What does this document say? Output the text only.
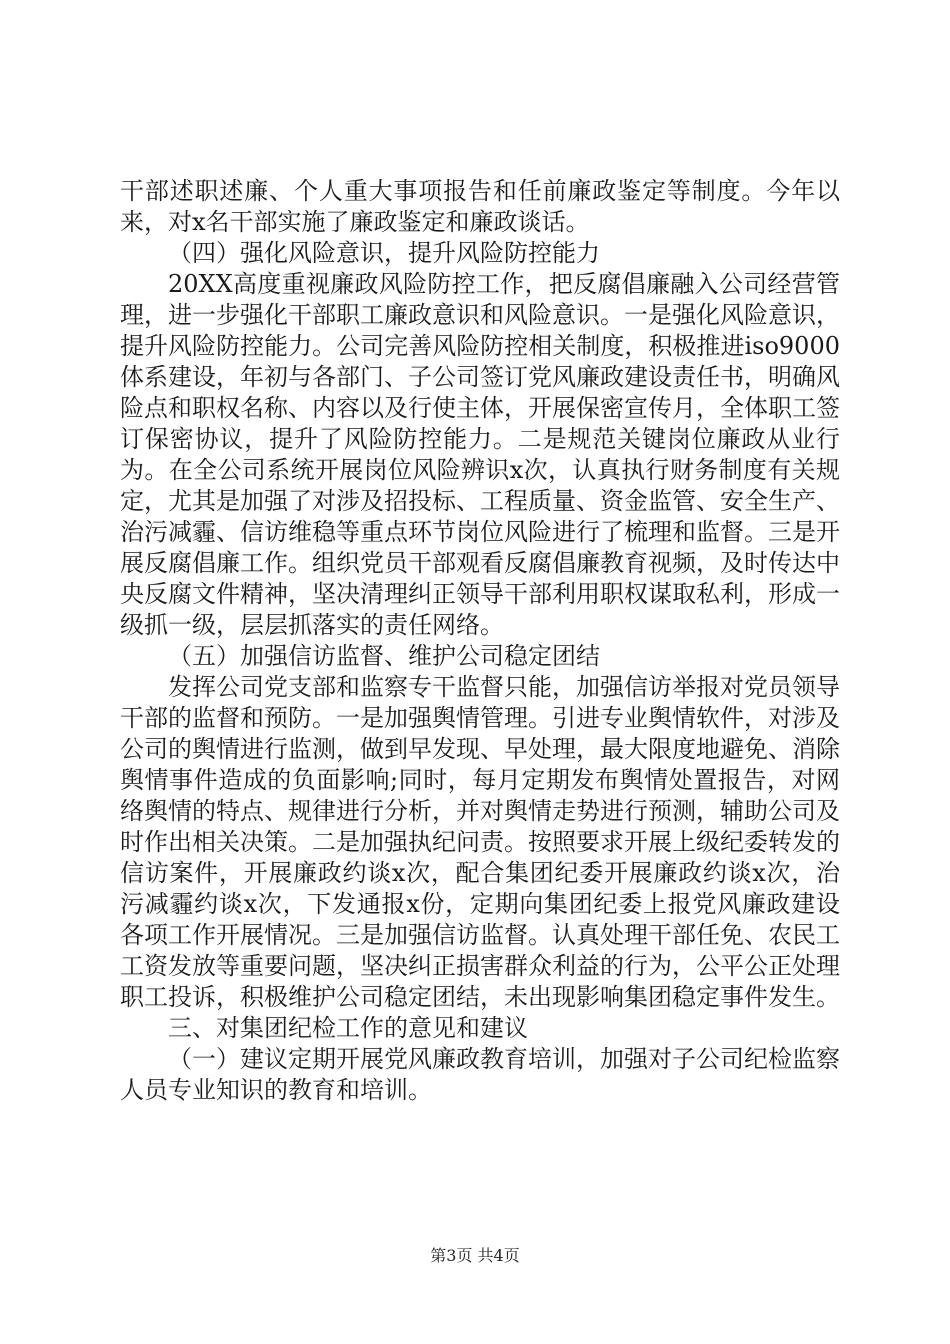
干部述职述廉、个人重大事项报告和任前廉政鉴定等制度。今年以来，对x名干部实施了廉政鉴定和廉政谈话。

（四）强化风险意识，提升风险防控能力

20XX高度重视廉政风险防控工作，把反腐倡廉融入公司经营管理，进一步强化干部职工廉政意识和风险意识。一是强化风险意识，提升风险防控能力。公司完善风险防控相关制度，积极推进iso9000体系建设，年初与各部门、子公司签订党风廉政建设责任书，明确风险点和职权名称、内容以及行使主体，开展保密宣传月，全体职工签订保密协议，提升了风险防控能力。二是规范关键岗位廉政从业行为。在全公司系统开展岗位风险辨识x次，认真执行财务制度有关规定，尤其是加强了对涉及招投标、工程质量、资金监管、安全生产、治污减霾、信访维稳等重点环节岗位风险进行了梳理和监督。三是开展反腐倡廉工作。组织党员干部观看反腐倡廉教育视频，及时传达中央反腐文件精神，坚决清理纠正领导干部利用职权谋取私利，形成一级抓一级，层层抓落实的责任网络。

（五）加强信访监督、维护公司稳定团结

发挥公司党支部和监察专干监督只能，加强信访举报对党员领导干部的监督和预防。一是加强舆情管理。引进专业舆情软件，对涉及公司的舆情进行监测，做到早发现、早处理，最大限度地避免、消除舆情事件造成的负面影响;同时，每月定期发布舆情处置报告，对网络舆情的特点、规律进行分析，并对舆情走势进行预测，辅助公司及时作出相关决策。二是加强执纪问责。按照要求开展上级纪委转发的信访案件，开展廉政约谈x次，配合集团纪委开展廉政约谈x次，治污减霾约谈x次，下发通报x份，定期向集团纪委上报党风廉政建设各项工作开展情况。三是加强信访监督。认真处理干部任免、农民工工资发放等重要问题，坚决纠正损害群众利益的行为，公平公正处理职工投诉，积极维护公司稳定团结，未出现影响集团稳定事件发生。

三、对集团纪检工作的意见和建议

（一）建议定期开展党风廉政教育培训，加强对子公司纪检监察人员专业知识的教育和培训。

第3页 共4页
